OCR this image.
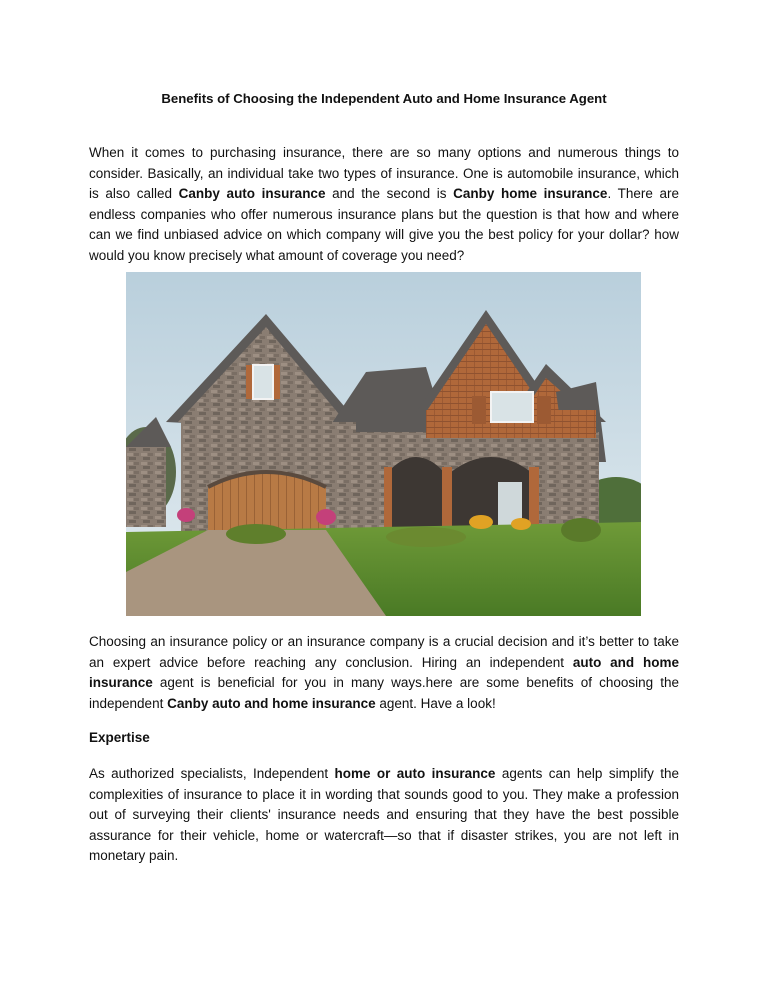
Benefits of Choosing the Independent Auto and Home Insurance Agent

When it comes to purchasing insurance, there are so many options and numerous things to consider. Basically, an individual take two types of insurance. One is automobile insurance, which is also called Canby auto insurance and the second is Canby home insurance. There are endless companies who offer numerous insurance plans but the question is that how and where can we find unbiased advice on which company will give you the best policy for your dollar? how would you know precisely what amount of coverage you need?

Choosing an insurance policy or an insurance company is a crucial decision and it’s better to take an expert advice before reaching any conclusion. Hiring an independent auto and home insurance agent is beneficial for you in many ways.here are some benefits of choosing the independent Canby auto and home insurance agent. Have a look!

Expertise

As authorized specialists, Independent home or auto insurance agents can help simplify the complexities of insurance to place it in wording that sounds good to you. They make a profession out of surveying their clients' insurance needs and ensuring that they have the best possible assurance for their vehicle, home or watercraft—so that if disaster strikes, you are not left in monetary pain.
